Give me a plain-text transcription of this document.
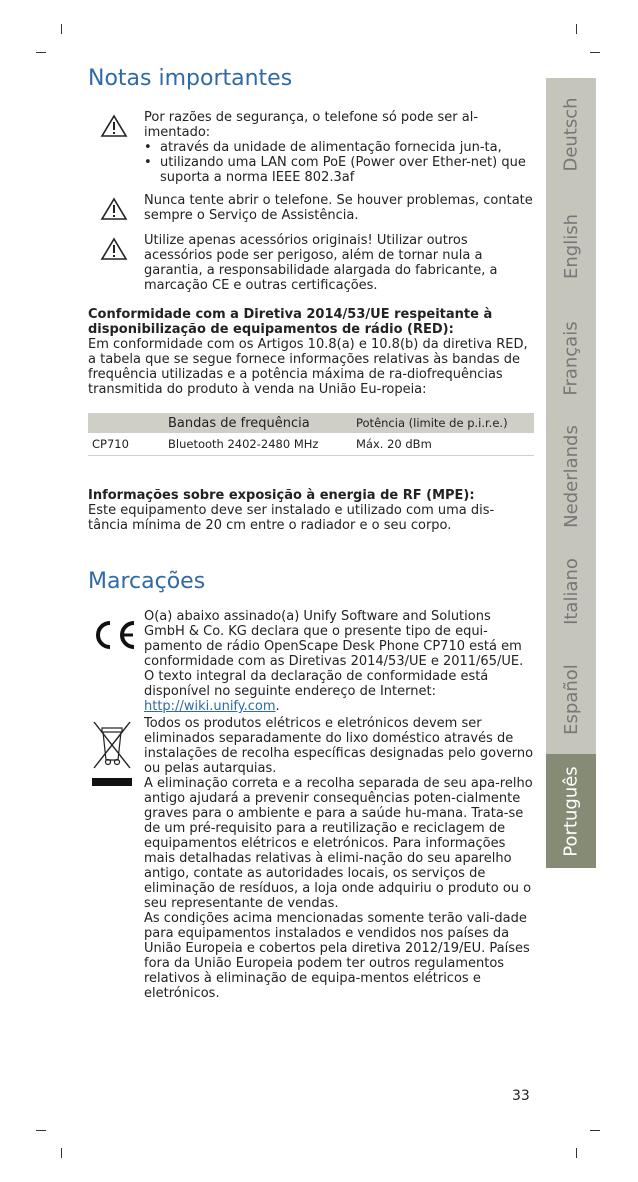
Notas importantes

Por razões de segurança, o telefone só pode ser al-imentado:

• através da unidade de alimentação fornecida jun-ta,
• utilizando uma LAN com PoE (Power over Ether-net) que suporta a norma IEEE 802.3af

Nunca tente abrir o telefone. Se houver problemas, contate sempre o Serviço de Assistência.

Utilize apenas acessórios originais! Utilizar outros acessórios pode ser perigoso, além de tornar nula a garantia, a responsabilidade alargada do fabricante, a marcação CE e outras certificações.

Conformidade com a Diretiva 2014/53/UE respeitante à disponibilização de equipamentos de rádio (RED):

Em conformidade com os Artigos 10.8(a) e 10.8(b) da diretiva RED, a tabela que se segue fornece informações relativas às bandas de frequência utilizadas e a potência máxima de ra-diofrequências transmitida do produto à venda na União Eu-ropeia:

	Bandas de frequência	Potência (limite de p.i.r.e.)
CP710	Bluetooth 2402-2480 MHz	Máx. 20 dBm

Informações sobre exposição à energia de RF (MPE):

Este equipamento deve ser instalado e utilizado com uma dis-tância mínima de 20 cm entre o radiador e o seu corpo.

Marcações

O(a) abaixo assinado(a) Unify Software and Solutions GmbH & Co. KG declara que o presente tipo de equi-pamento de rádio OpenScape Desk Phone CP710 está em conformidade com as Diretivas 2014/53/UE e 2011/65/UE.

O texto integral da declaração de conformidade está disponível no seguinte endereço de Internet:

http://wiki.unify.com.

Todos os produtos elétricos e eletrónicos devem ser eliminados separadamente do lixo doméstico através de instalações de recolha específicas designadas pelo governo ou pelas autarquias.

A eliminação correta e a recolha separada de seu apa-relho antigo ajudará a prevenir consequências poten-cialmente graves para o ambiente e para a saúde hu-mana. Trata-se de um pré-requisito para a reutilização e reciclagem de equipamentos elétricos e eletrónicos. Para informações mais detalhadas relativas à elimi-nação do seu aparelho antigo, contate as autoridades locais, os serviços de eliminação de resíduos, a loja onde adquiriu o produto ou o seu representante de vendas.

As condições acima mencionadas somente terão vali-dade para equipamentos instalados e vendidos nos países da União Europeia e cobertos pela diretiva 2012/19/EU. Países fora da União Europeia podem ter outros regulamentos relativos à eliminação de equipa-mentos elétricos e eletrónicos.

33
Deutsch
English
Français
Nederlands
Italiano
Español
Português
